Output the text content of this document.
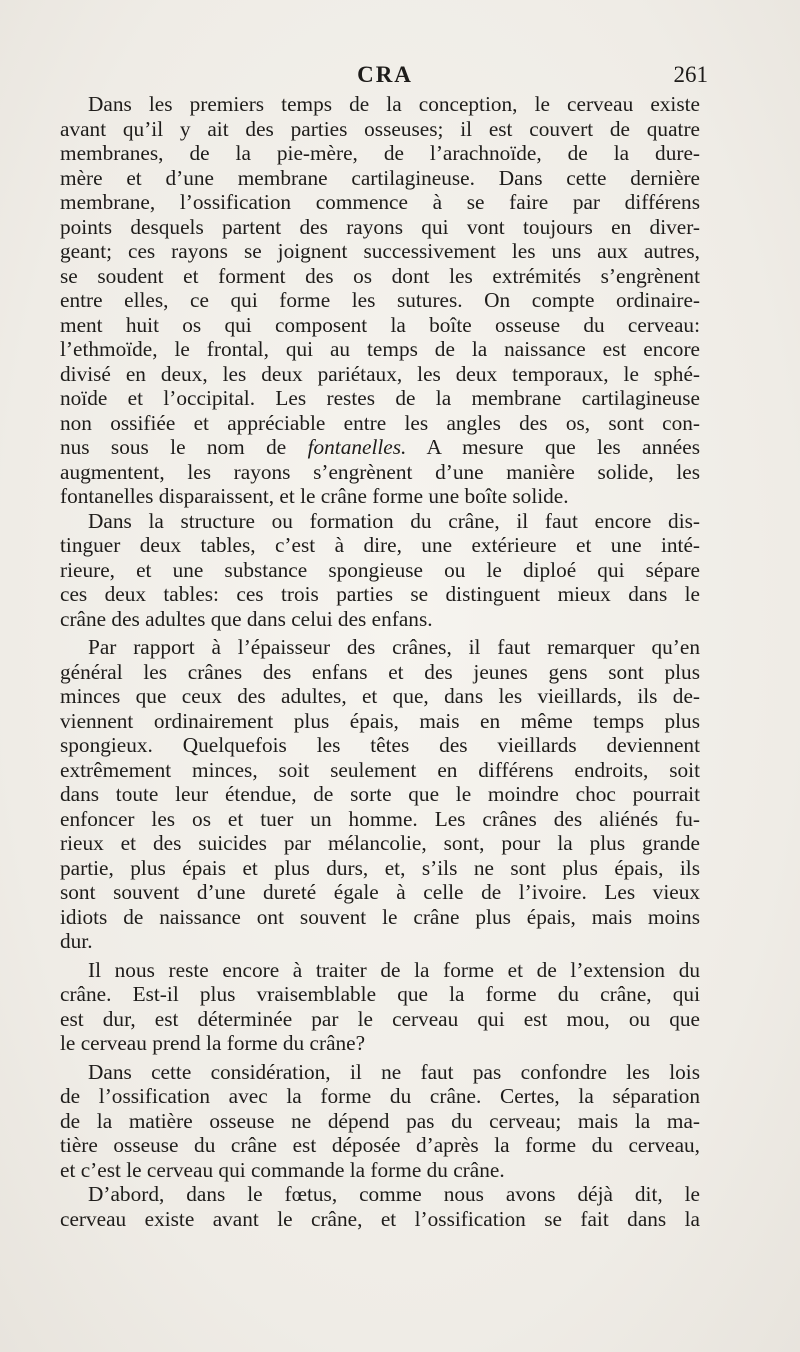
CRA	261
Dans les premiers temps de la conception, le cerveau existe
avant qu’il y ait des parties osseuses; il est couvert de quatre
membranes, de la pie-mère, de l’arachnoïde, de la dure-
mère et d’une membrane cartilagineuse. Dans cette dernière
membrane, l’ossification commence à se faire par différens
points desquels partent des rayons qui vont toujours en diver-
geant; ces rayons se joignent successivement les uns aux autres,
se soudent et forment des os dont les extrémités s’engrènent
entre elles, ce qui forme les sutures. On compte ordinaire-
ment huit os qui composent la boîte osseuse du cerveau:
l’ethmoïde, le frontal, qui au temps de la naissance est encore
divisé en deux, les deux pariétaux, les deux temporaux, le sphé-
noïde et l’occipital. Les restes de la membrane cartilagineuse
non ossifiée et appréciable entre les angles des os, sont con-
nus sous le nom de fontanelles. A mesure que les années
augmentent, les rayons s’engrènent d’une manière solide, les
fontanelles disparaissent, et le crâne forme une boîte solide.
Dans la structure ou formation du crâne, il faut encore dis-
tinguer deux tables, c’est à dire, une extérieure et une inté-
rieure, et une substance spongieuse ou le diploé qui sépare
ces deux tables: ces trois parties se distinguent mieux dans le
crâne des adultes que dans celui des enfans.
Par rapport à l’épaisseur des crânes, il faut remarquer qu’en
général les crânes des enfans et des jeunes gens sont plus
minces que ceux des adultes, et que, dans les vieillards, ils de-
viennent ordinairement plus épais, mais en même temps plus
spongieux. Quelquefois les têtes des vieillards deviennent
extrêmement minces, soit seulement en différens endroits, soit
dans toute leur étendue, de sorte que le moindre choc pourrait
enfoncer les os et tuer un homme. Les crânes des aliénés fu-
rieux et des suicides par mélancolie, sont, pour la plus grande
partie, plus épais et plus durs, et, s’ils ne sont plus épais, ils
sont souvent d’une dureté égale à celle de l’ivoire. Les vieux
idiots de naissance ont souvent le crâne plus épais, mais moins
dur.
Il nous reste encore à traiter de la forme et de l’extension du
crâne. Est-il plus vraisemblable que la forme du crâne, qui
est dur, est déterminée par le cerveau qui est mou, ou que
le cerveau prend la forme du crâne?
Dans cette considération, il ne faut pas confondre les lois
de l’ossification avec la forme du crâne. Certes, la séparation
de la matière osseuse ne dépend pas du cerveau; mais la ma-
tière osseuse du crâne est déposée d’après la forme du cerveau,
et c’est le cerveau qui commande la forme du crâne.
D’abord, dans le fœtus, comme nous avons déjà dit, le
cerveau existe avant le crâne, et l’ossification se fait dans la
